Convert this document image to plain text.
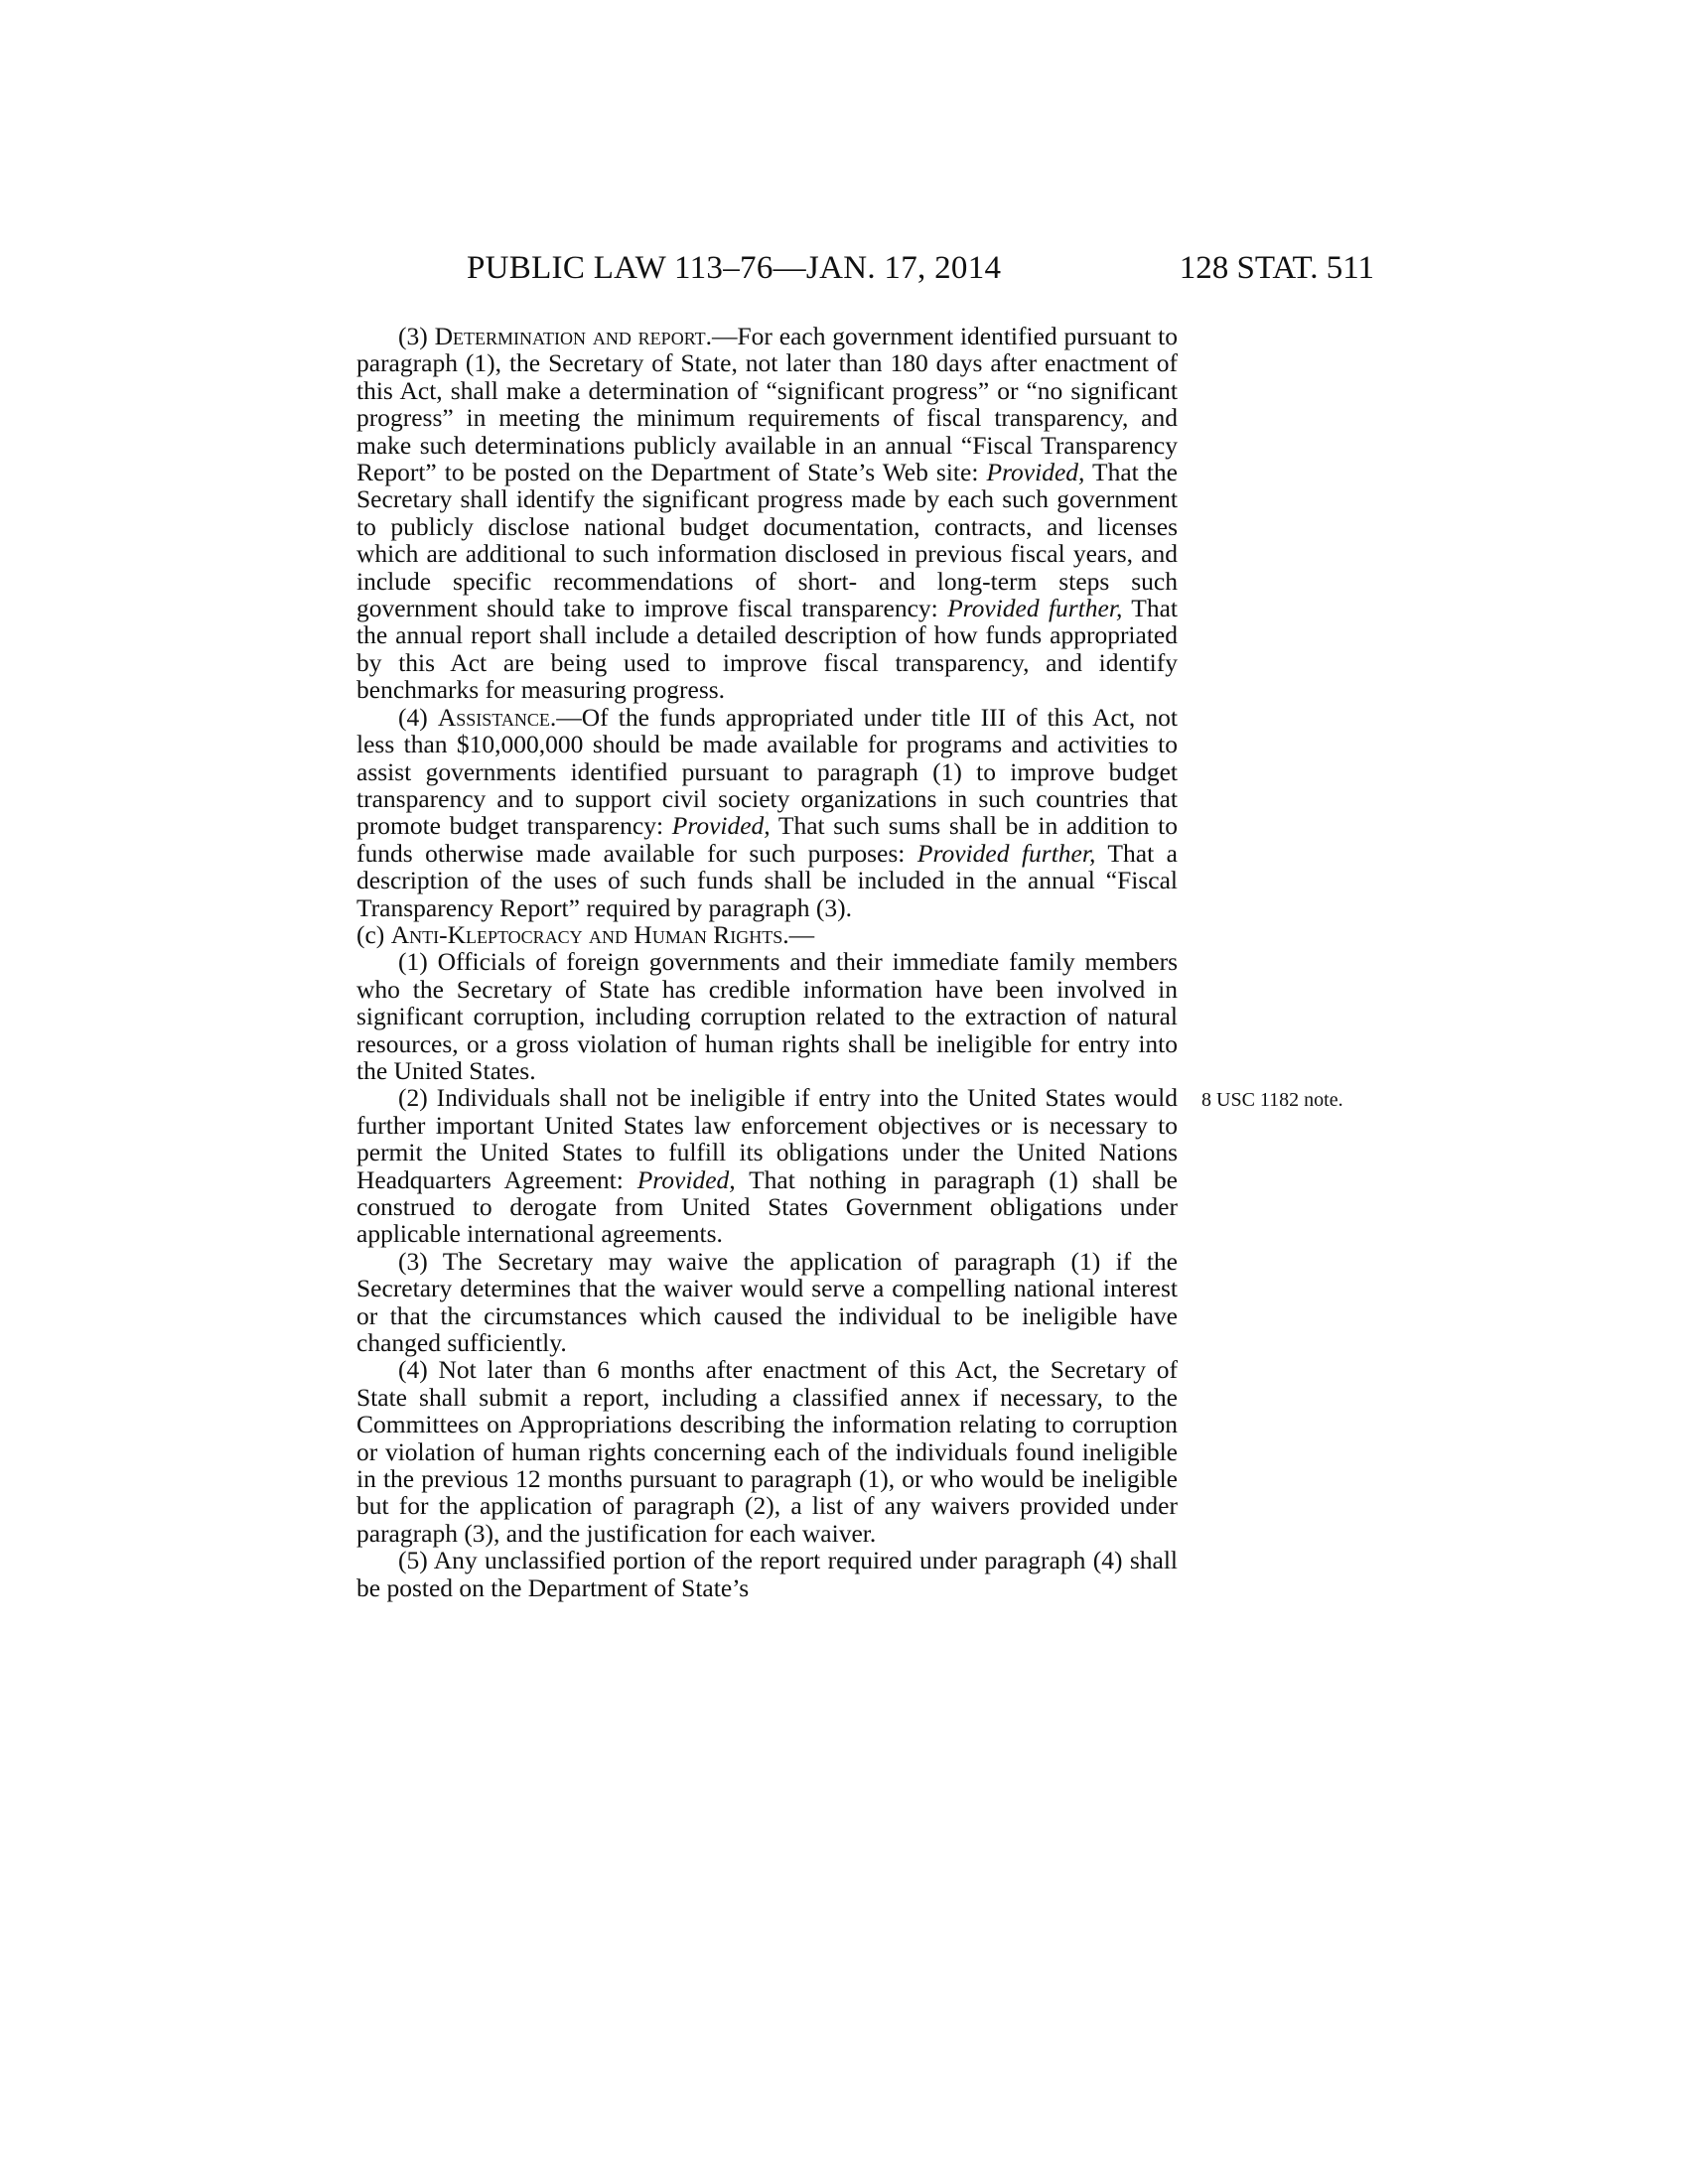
PUBLIC LAW 113–76—JAN. 17, 2014	128 STAT. 511
8 USC 1182 note.

(3) Determination and report.—For each government identified pursuant to paragraph (1), the Secretary of State, not later than 180 days after enactment of this Act, shall make a determination of “significant progress” or “no significant progress” in meeting the minimum requirements of fiscal transparency, and make such determinations publicly available in an annual “Fiscal Transparency Report” to be posted on the Department of State’s Web site: Provided, That the Secretary shall identify the significant progress made by each such government to publicly disclose national budget documentation, contracts, and licenses which are additional to such information disclosed in previous fiscal years, and include specific recommendations of short- and long-term steps such government should take to improve fiscal transparency: Provided further, That the annual report shall include a detailed description of how funds appropriated by this Act are being used to improve fiscal transparency, and identify benchmarks for measuring progress.

(4) Assistance.—Of the funds appropriated under title III of this Act, not less than $10,000,000 should be made available for programs and activities to assist governments identified pursuant to paragraph (1) to improve budget transparency and to support civil society organizations in such countries that promote budget transparency: Provided, That such sums shall be in addition to funds otherwise made available for such purposes: Provided further, That a description of the uses of such funds shall be included in the annual “Fiscal Transparency Report” required by paragraph (3).

(c) Anti-Kleptocracy and Human Rights.—

(1) Officials of foreign governments and their immediate family members who the Secretary of State has credible information have been involved in significant corruption, including corruption related to the extraction of natural resources, or a gross violation of human rights shall be ineligible for entry into the United States.

(2) Individuals shall not be ineligible if entry into the United States would further important United States law enforcement objectives or is necessary to permit the United States to fulfill its obligations under the United Nations Headquarters Agreement: Provided, That nothing in paragraph (1) shall be construed to derogate from United States Government obligations under applicable international agreements.

(3) The Secretary may waive the application of paragraph (1) if the Secretary determines that the waiver would serve a compelling national interest or that the circumstances which caused the individual to be ineligible have changed sufficiently.

(4) Not later than 6 months after enactment of this Act, the Secretary of State shall submit a report, including a classified annex if necessary, to the Committees on Appropriations describing the information relating to corruption or violation of human rights concerning each of the individuals found ineligible in the previous 12 months pursuant to paragraph (1), or who would be ineligible but for the application of paragraph (2), a list of any waivers provided under paragraph (3), and the justification for each waiver.

(5) Any unclassified portion of the report required under paragraph (4) shall be posted on the Department of State’s
